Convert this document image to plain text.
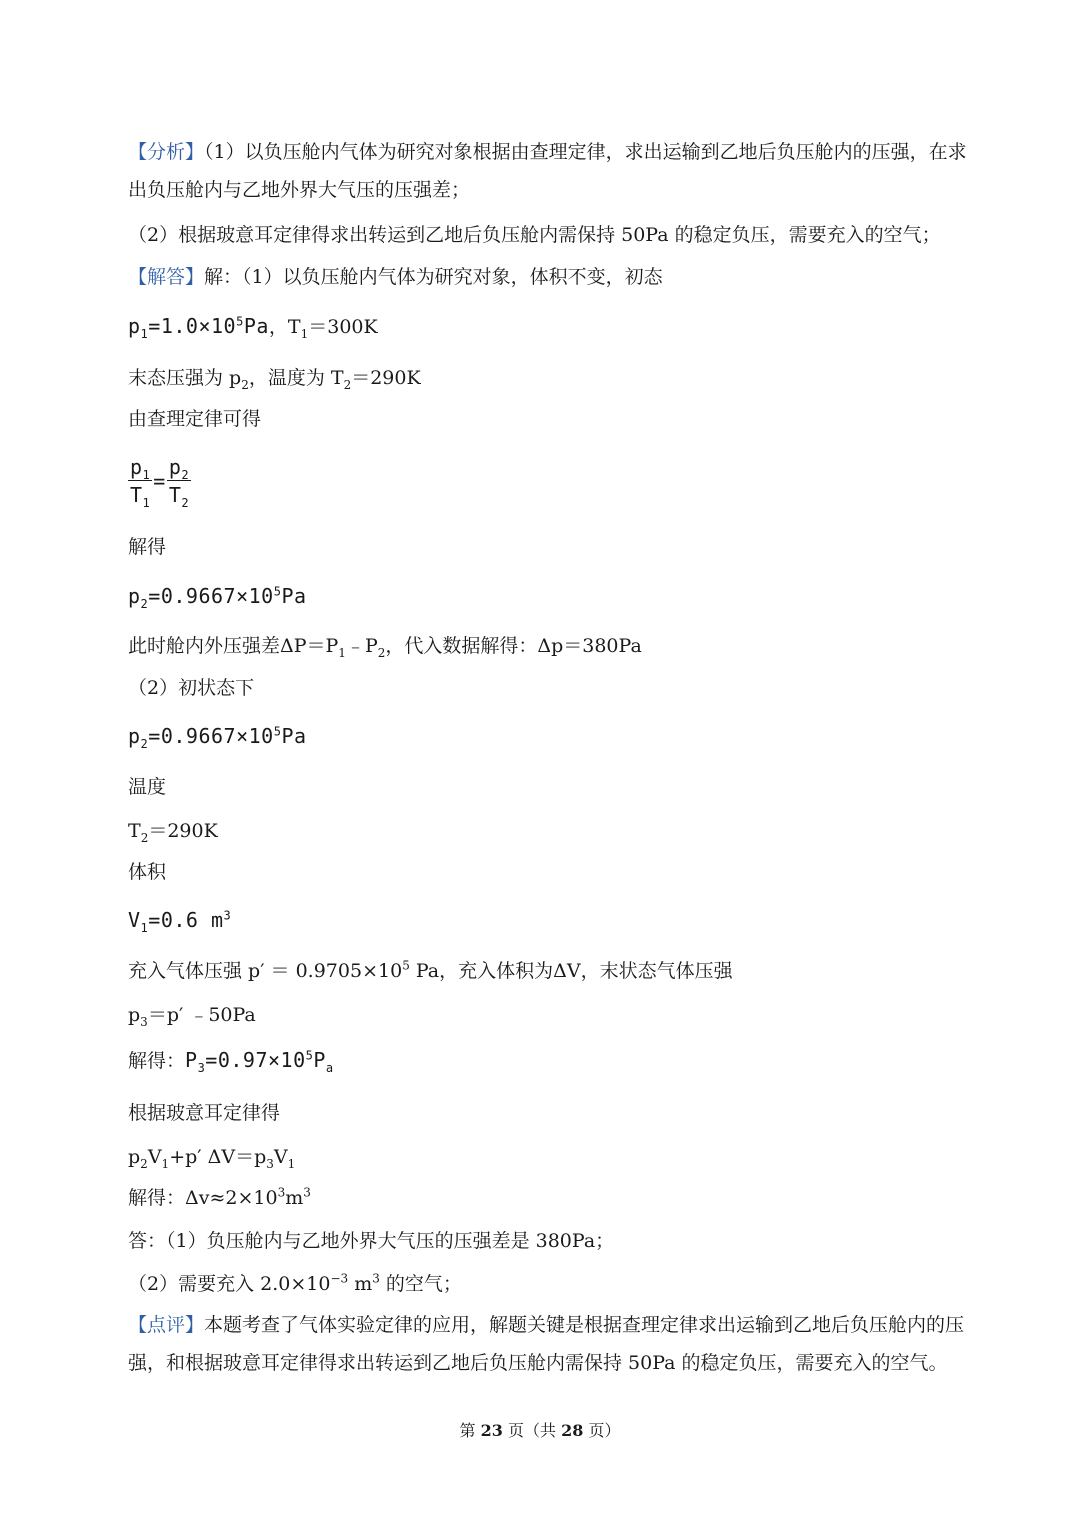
【分析】（1）以负压舱内气体为研究对象根据由查理定律，求出运输到乙地后负压舱内的压强，在求出负压舱内与乙地外界大气压的压强差；
（2）根据玻意耳定律得求出转运到乙地后负压舱内需保持 50Pa 的稳定负压，需要充入的空气；
【解答】解：（1）以负压舱内气体为研究对象，体积不变，初态
$p_1=1.0\times 10^5Pa$，$T_1=300K$
末态压强为 $p_2$，温度为 $T_2=290K$
由查理定律可得
$\frac{p_1}{T_1} = \frac{p_2}{T_2}$
解得
$p_2=0.9667\times 10^5Pa$
此时舱内外压强差$\Delta P=P_1﹣P_2$，代入数据解得：Δp＝380Pa
（2）初状态下
$p_2=0.9667\times 10^5Pa$
温度
$T_2=290K$
体积
$V_1=0.6$ $m^3$
充入气体压强 $p' = 0.9705\times 10^5$ Pa，充入体积为ΔV，末状态气体压强
$p_3=p'$ ﹣50Pa
解得：$P_3=0.97\times 10^5P_a$
根据玻意耳定律得
$p_2V_1+p'$ $\Delta V=p_3V_1$
解得：$\Delta v\approx 2\times 10^3m^3$
答：（1）负压舱内与乙地外界大气压的压强差是 380Pa；
（2）需要充入 $2.0\times 10^{-3}$ $m^3$ 的空气；
【点评】本题考查了气体实验定律的应用，解题关键是根据查理定律求出运输到乙地后负压舱内的压强，和根据玻意耳定律得求出转运到乙地后负压舱内需保持 50Pa 的稳定负压，需要充入的空气。
第 23 页（共 28 页）
